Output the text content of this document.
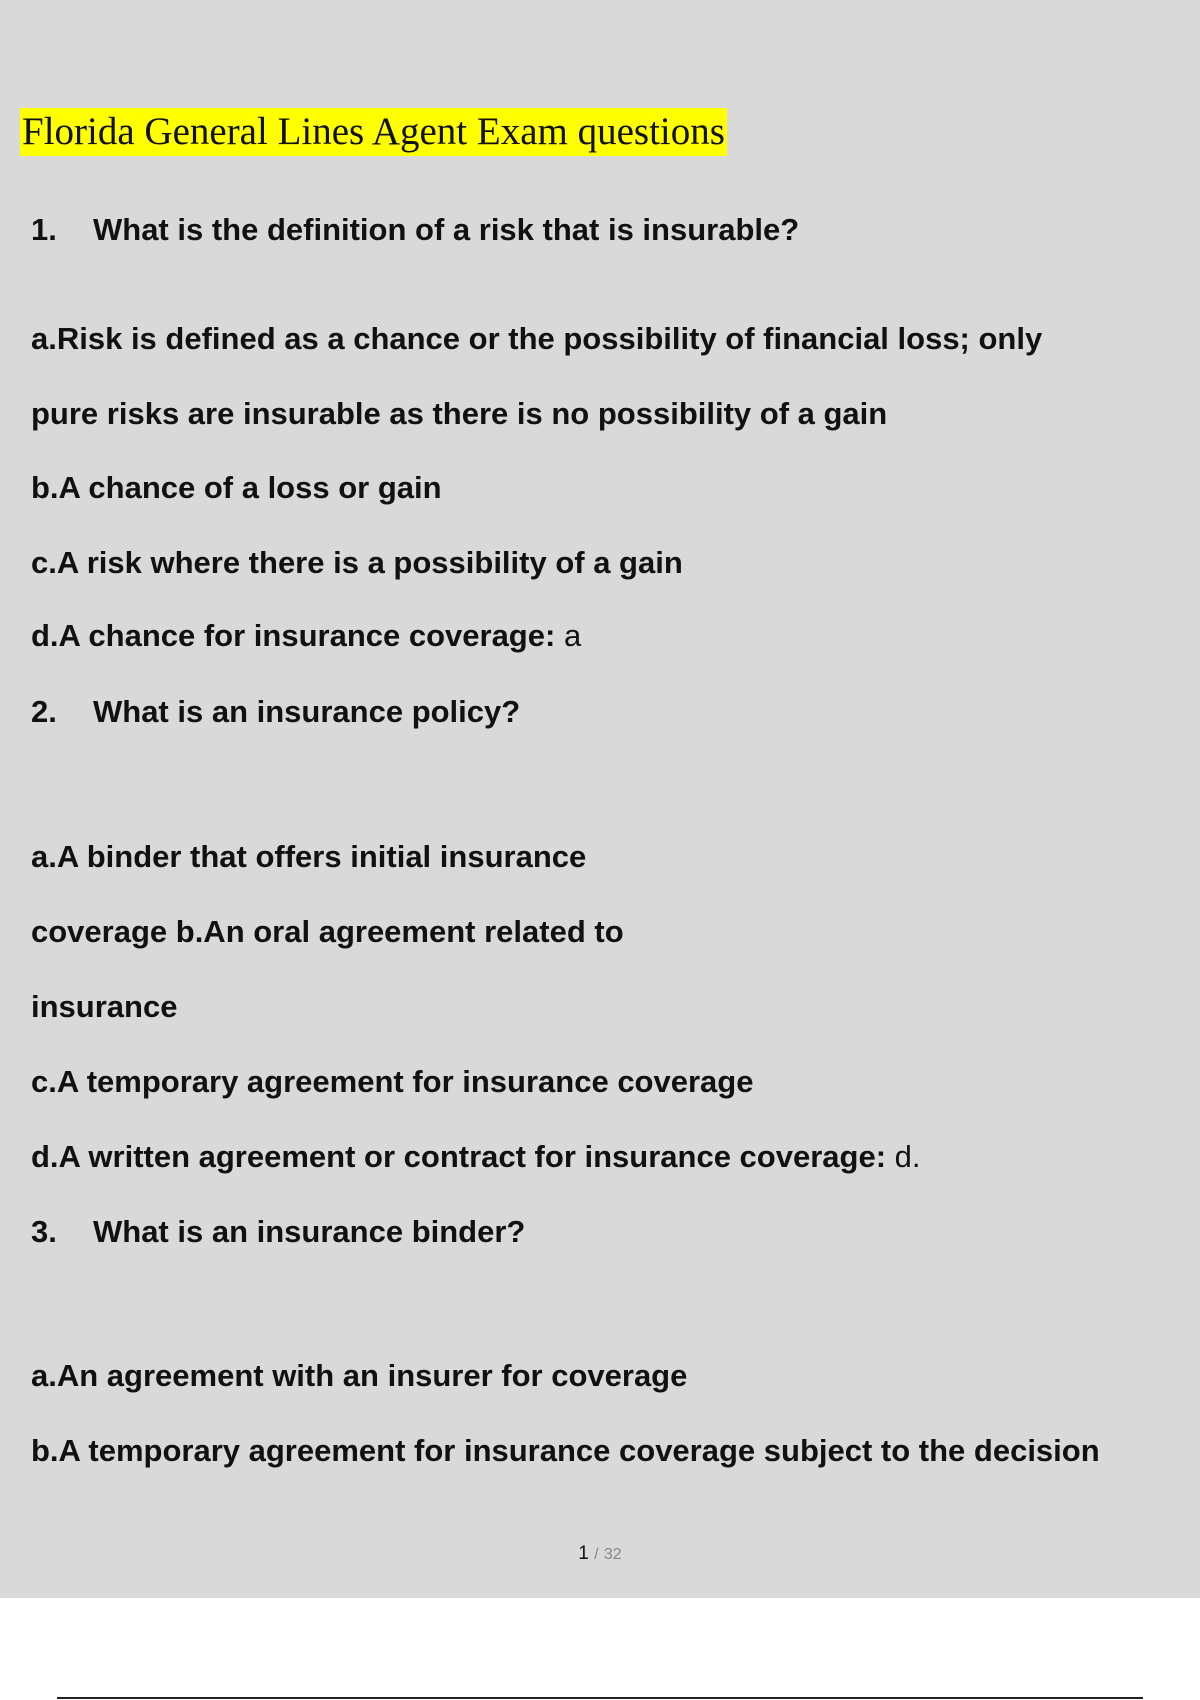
Florida General Lines Agent Exam questions
1. What is the definition of a risk that is insurable?
a.Risk is defined as a chance or the possibility of financial loss; only
pure risks are insurable as there is no possibility of a gain
b.A chance of a loss or gain
c.A risk where there is a possibility of a gain
d.A chance for insurance coverage: a
2. What is an insurance policy?
a.A binder that offers initial insurance
coverage b.An oral agreement related to
insurance
c.A temporary agreement for insurance coverage
d.A written agreement or contract for insurance coverage: d.
3. What is an insurance binder?
a.An agreement with an insurer for coverage
b.A temporary agreement for insurance coverage subject to the decision
1 / 32
